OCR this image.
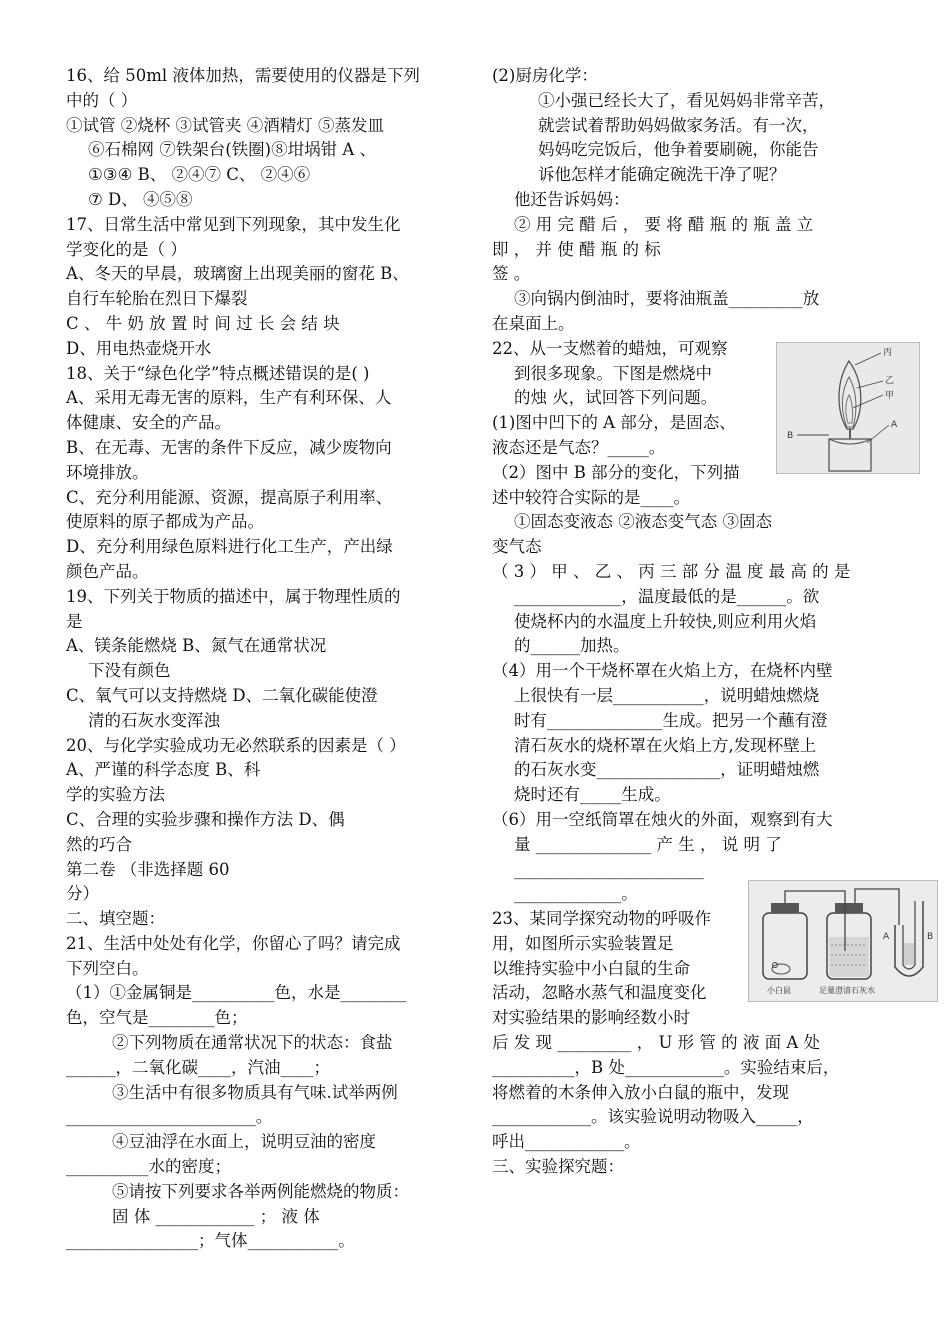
16、给 50ml 液体加热，需要使用的仪器是下列
中的（ ）
①试管 ②烧杯 ③试管夹 ④酒精灯 ⑤蒸发皿
⑥石棉网 ⑦铁架台(铁圈)⑧坩埚钳 A 、
①③④ B、 ②④⑦ C、 ②④⑥
⑦ D、 ④⑤⑧
17、日常生活中常见到下列现象，其中发生化
学变化的是（ ）
A、冬天的早晨，玻璃窗上出现美丽的窗花 B、
自行车轮胎在烈日下爆裂
C 、 牛 奶 放 置 时 间 过 长 会 结 块
D、用电热壶烧开水
18、关于“绿色化学”特点概述错误的是( )
A、采用无毒无害的原料，生产有利环保、人
体健康、安全的产品。
B、在无毒、无害的条件下反应，减少废物向
环境排放。
C、充分利用能源、资源，提高原子利用率、
使原料的原子都成为产品。
D、充分利用绿色原料进行化工生产，产出绿
颜色产品。
19、下列关于物质的描述中，属于物理性质的
是
A、镁条能燃烧 B、氮气在通常状况
下没有颜色
C、氧气可以支持燃烧 D、二氧化碳能使澄
清的石灰水变浑浊
20、与化学实验成功无必然联系的因素是（ ）
A、严谨的科学态度 B、科
学的实验方法
C、合理的实验步骤和操作方法 D、偶
然的巧合
第二卷 （非选择题 60
分）
二、填空题：
21、生活中处处有化学，你留心了吗？请完成
下列空白。
（1）①金属铜是__________色，水是________
色，空气是________色；
②下列物质在通常状况下的状态：食盐
______，二氧化碳____，汽油____；
③生活中有很多物质具有气味.试举两例
_______________________。
④豆油浮在水面上，说明豆油的密度
__________水的密度；
⑤请按下列要求各举两例能燃烧的物质：
固 体 ____________ ； 液 体
________________；气体___________。
(2)厨房化学：
①小强已经长大了，看见妈妈非常辛苦，
就尝试着帮助妈妈做家务活。有一次，
妈妈吃完饭后，他争着要刷碗，你能告
诉他怎样才能确定碗洗干净了呢？
他还告诉妈妈：
② 用 完 醋 后 ， 要 将 醋 瓶 的 瓶 盖 立
即 ， 并 使 醋 瓶 的 标
签 。
③向锅内倒油时，要将油瓶盖_________放
在桌面上。
22、从一支燃着的蜡烛，可观察
到很多现象。下图是燃烧中
的烛 火，试回答下列问题。
(1)图中凹下的 A 部分，是固态、
液态还是气态？_____。
（2）图中 B 部分的变化，下列描
述中较符合实际的是____。
①固态变液态 ②液态变气态 ③固态
变气态
（ 3 ） 甲 、 乙 、 丙 三 部 分 温 度 最 高 的 是
_____________，温度最低的是______。欲
使烧杯内的水温度上升较快,则应利用火焰
的______加热。
（4）用一个干烧杯罩在火焰上方，在烧杯内壁
上很快有一层___________，说明蜡烛燃烧
时有______________生成。把另一个蘸有澄
清石灰水的烧杯罩在火焰上方,发现杯壁上
的石灰水变_______________，证明蜡烛燃
烧时还有_____生成。
（6）用一空纸筒罩在烛火的外面，观察到有大
量 ______________ 产 生 ， 说 明 了
_______________________
_____________。
23、某同学探究动物的呼吸作
用，如图所示实验装置足
以维持实验中小白鼠的生命
活动，忽略水蒸气和温度变化
对实验结果的影响经数小时
后 发 现 _________ ， U 形 管 的 液 面 A 处
__________，B 处____________。实验结束后，
将燃着的木条伸入放小白鼠的瓶中，发现
____________。该实验说明动物吸入_____，
呼出____________。
三、实验探究题：
丙
乙
甲
B
A
A	B
小白鼠	足量澄清石灰水
